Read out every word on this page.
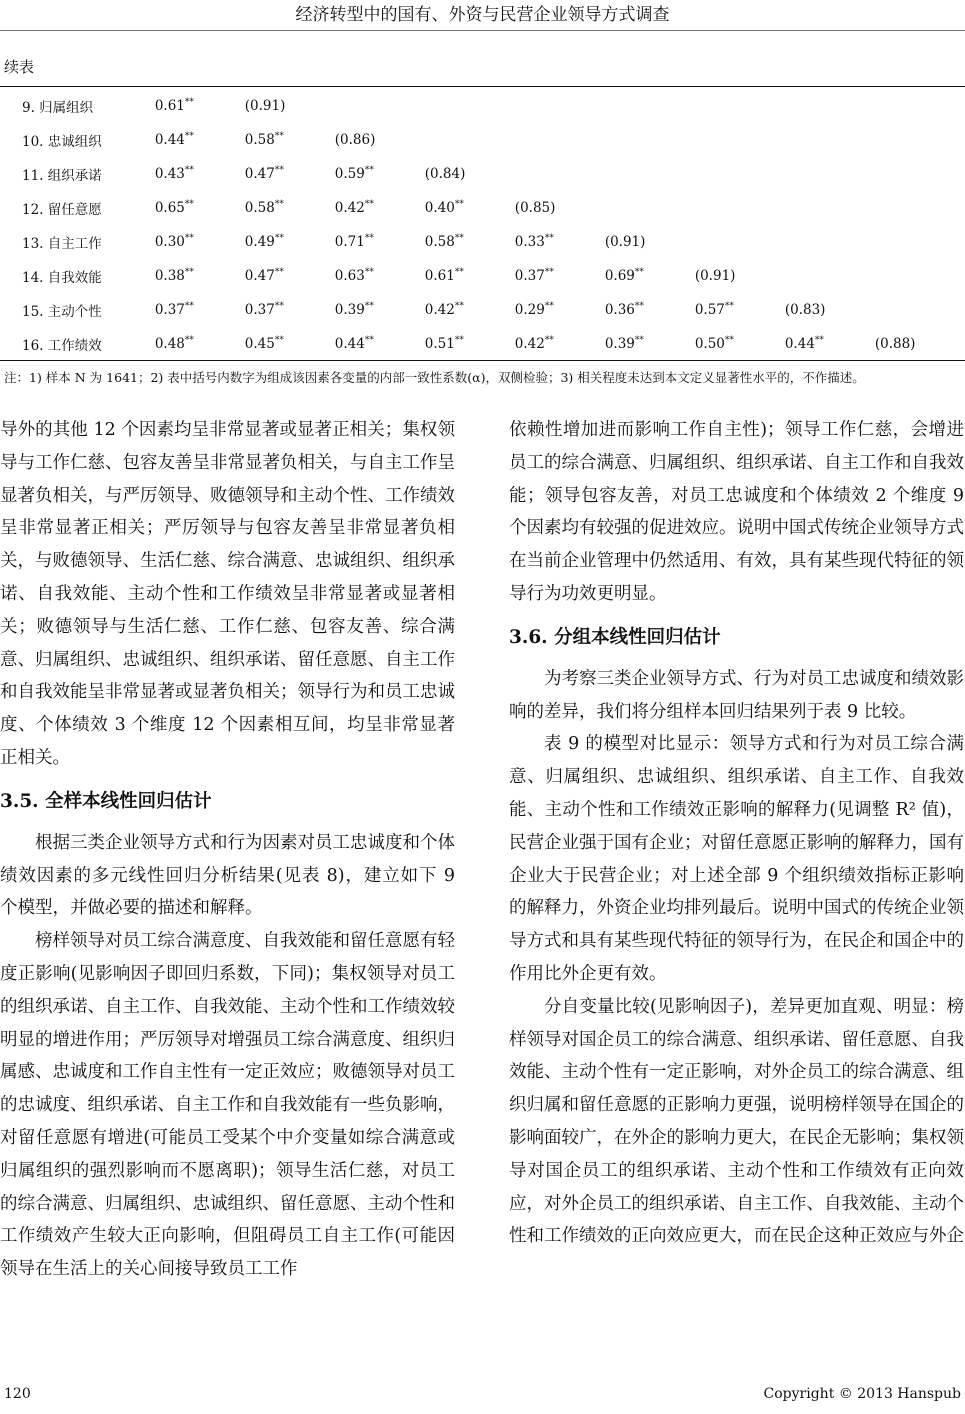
经济转型中的国有、外资与民营企业领导方式调查
续表
9. 归属组织	0.61**	(0.91)							
10. 忠诚组织	0.44**	0.58**	(0.86)						
11. 组织承诺	0.43**	0.47**	0.59**	(0.84)					
12. 留任意愿	0.65**	0.58**	0.42**	0.40**	(0.85)				
13. 自主工作	0.30**	0.49**	0.71**	0.58**	0.33**	(0.91)			
14. 自我效能	0.38**	0.47**	0.63**	0.61**	0.37**	0.69**	(0.91)		
15. 主动个性	0.37**	0.37**	0.39**	0.42**	0.29**	0.36**	0.57**	(0.83)	
16. 工作绩效	0.48**	0.45**	0.44**	0.51**	0.42**	0.39**	0.50**	0.44**	(0.88)
注：1) 样本 N 为 1641；2) 表中括号内数字为组成该因素各变量的内部一致性系数(α)，双侧检验；3) 相关程度未达到本文定义显著性水平的，不作描述。

导外的其他 12 个因素均呈非常显著或显著正相关；集权领导与工作仁慈、包容友善呈非常显著负相关，与自主工作呈显著负相关，与严厉领导、败德领导和主动个性、工作绩效呈非常显著正相关；严厉领导与包容友善呈非常显著负相关，与败德领导、生活仁慈、综合满意、忠诚组织、组织承诺、自我效能、主动个性和工作绩效呈非常显著或显著相关；败德领导与生活仁慈、工作仁慈、包容友善、综合满意、归属组织、忠诚组织、组织承诺、留任意愿、自主工作和自我效能呈非常显著或显著负相关；领导行为和员工忠诚度、个体绩效 3 个维度 12 个因素相互间，均呈非常显著正相关。

3.5. 全样本线性回归估计

根据三类企业领导方式和行为因素对员工忠诚度和个体绩效因素的多元线性回归分析结果(见表 8)，建立如下 9 个模型，并做必要的描述和解释。

榜样领导对员工综合满意度、自我效能和留任意愿有轻度正影响(见影响因子即回归系数，下同)；集权领导对员工的组织承诺、自主工作、自我效能、主动个性和工作绩效较明显的增进作用；严厉领导对增强员工综合满意度、组织归属感、忠诚度和工作自主性有一定正效应；败德领导对员工的忠诚度、组织承诺、自主工作和自我效能有一些负影响，对留任意愿有增进(可能员工受某个中介变量如综合满意或归属组织的强烈影响而不愿离职)；领导生活仁慈，对员工的综合满意、归属组织、忠诚组织、留任意愿、主动个性和工作绩效产生较大正向影响，但阻碍员工自主工作(可能因领导在生活上的关心间接导致员工工作

依赖性增加进而影响工作自主性)；领导工作仁慈，会增进员工的综合满意、归属组织、组织承诺、自主工作和自我效能；领导包容友善，对员工忠诚度和个体绩效 2 个维度 9 个因素均有较强的促进效应。说明中国式传统企业领导方式在当前企业管理中仍然适用、有效，具有某些现代特征的领导行为功效更明显。

3.6. 分组本线性回归估计

为考察三类企业领导方式、行为对员工忠诚度和绩效影响的差异，我们将分组样本回归结果列于表 9 比较。

表 9 的模型对比显示：领导方式和行为对员工综合满意、归属组织、忠诚组织、组织承诺、自主工作、自我效能、主动个性和工作绩效正影响的解释力(见调整 R² 值)，民营企业强于国有企业；对留任意愿正影响的解释力，国有企业大于民营企业；对上述全部 9 个组织绩效指标正影响的解释力，外资企业均排列最后。说明中国式的传统企业领导方式和具有某些现代特征的领导行为，在民企和国企中的作用比外企更有效。

分自变量比较(见影响因子)，差异更加直观、明显：榜样领导对国企员工的综合满意、组织承诺、留任意愿、自我效能、主动个性有一定正影响，对外企员工的综合满意、组织归属和留任意愿的正影响力更强，说明榜样领导在国企的影响面较广，在外企的影响力更大，在民企无影响；集权领导对国企员工的组织承诺、主动个性和工作绩效有正向效应，对外企员工的组织承诺、自主工作、自我效能、主动个性和工作绩效的正向效应更大，而在民企这种正效应与外企

120	Copyright © 2013 Hanspub
